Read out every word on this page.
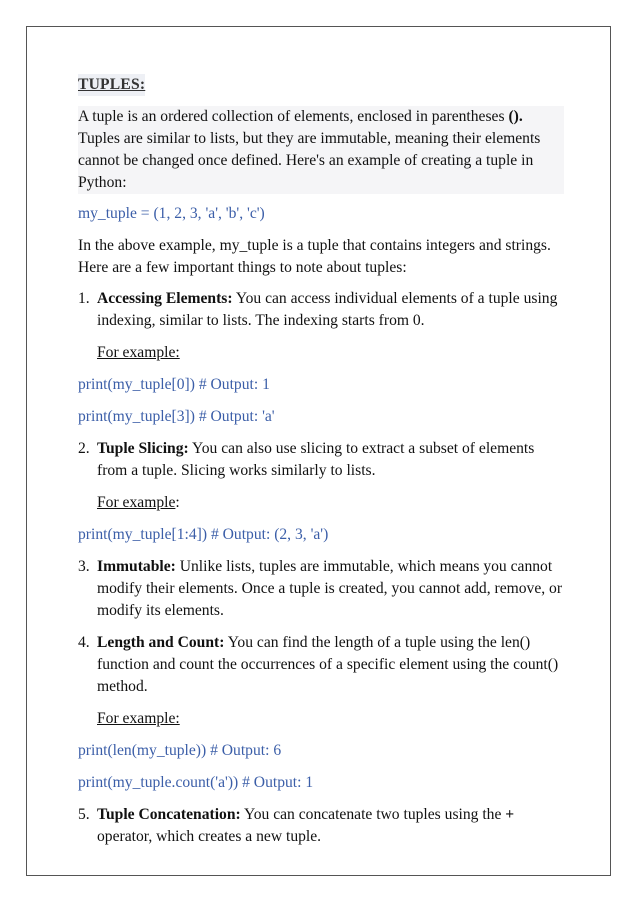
TUPLES:

A tuple is an ordered collection of elements, enclosed in parentheses (). Tuples are similar to lists, but they are immutable, meaning their elements cannot be changed once defined. Here's an example of creating a tuple in Python:

my_tuple = (1, 2, 3, 'a', 'b', 'c')

In the above example, my_tuple is a tuple that contains integers and strings. Here are a few important things to note about tuples:

1. Accessing Elements: You can access individual elements of a tuple using indexing, similar to lists. The indexing starts from 0.

For example:

print(my_tuple[0]) # Output: 1

print(my_tuple[3]) # Output: 'a'

2. Tuple Slicing: You can also use slicing to extract a subset of elements from a tuple. Slicing works similarly to lists.

For example:

print(my_tuple[1:4]) # Output: (2, 3, 'a')

3. Immutable: Unlike lists, tuples are immutable, which means you cannot modify their elements. Once a tuple is created, you cannot add, remove, or modify its elements.
4. Length and Count: You can find the length of a tuple using the len() function and count the occurrences of a specific element using the count() method.

For example:

print(len(my_tuple)) # Output: 6

print(my_tuple.count('a')) # Output: 1

5. Tuple Concatenation: You can concatenate two tuples using the + operator, which creates a new tuple.
